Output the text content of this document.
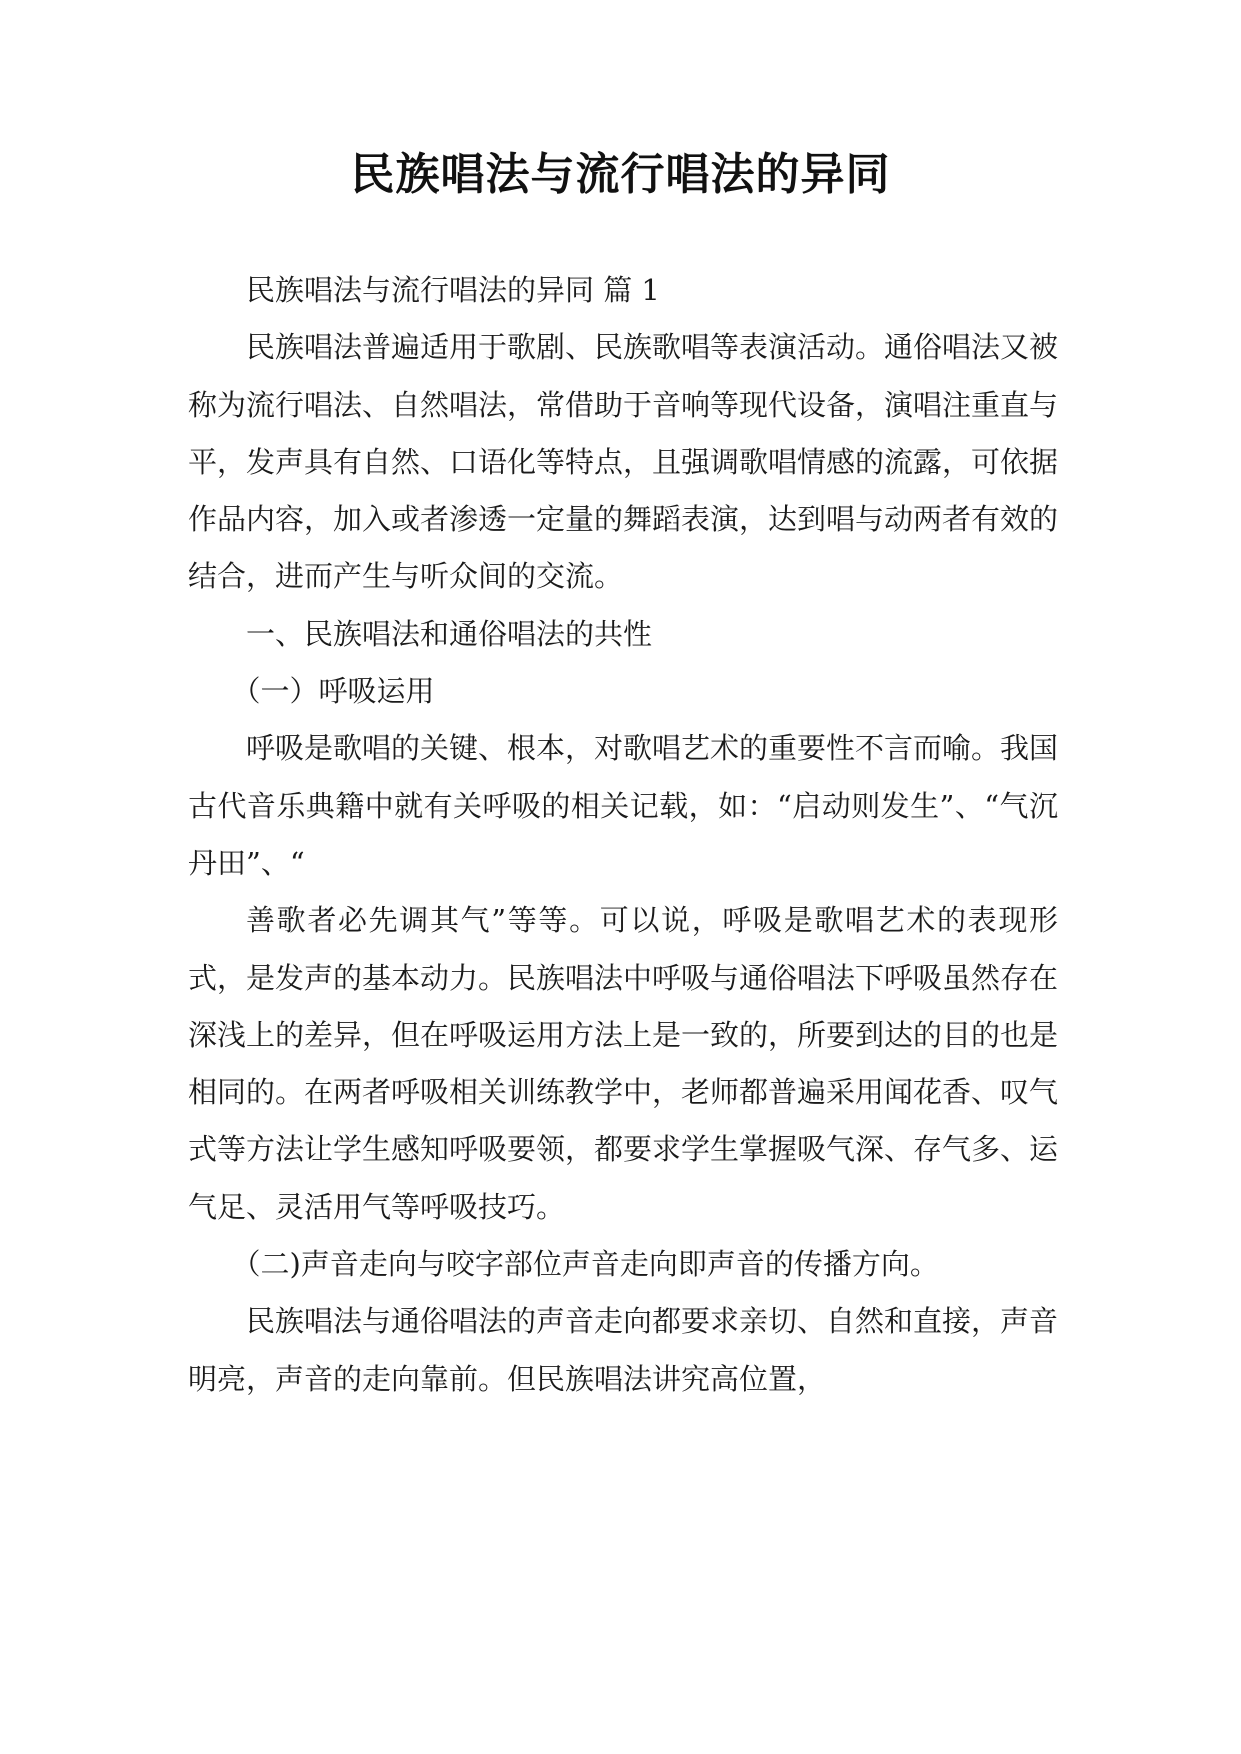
民族唱法与流行唱法的异同

民族唱法与流行唱法的异同 篇 1

民族唱法普遍适用于歌剧、民族歌唱等表演活动。通俗唱法又被称为流行唱法、自然唱法，常借助于音响等现代设备，演唱注重直与平，发声具有自然、口语化等特点，且强调歌唱情感的流露，可依据作品内容，加入或者渗透一定量的舞蹈表演，达到唱与动两者有效的结合，进而产生与听众间的交流。

一、民族唱法和通俗唱法的共性

（一）呼吸运用

呼吸是歌唱的关键、根本，对歌唱艺术的重要性不言而喻。我国古代音乐典籍中就有关呼吸的相关记载，如：“启动则发生”、“气沉丹田”、“

善歌者必先调其气”等等。可以说，呼吸是歌唱艺术的表现形式，是发声的基本动力。民族唱法中呼吸与通俗唱法下呼吸虽然存在深浅上的差异，但在呼吸运用方法上是一致的，所要到达的目的也是相同的。在两者呼吸相关训练教学中，老师都普遍采用闻花香、叹气式等方法让学生感知呼吸要领，都要求学生掌握吸气深、存气多、运气足、灵活用气等呼吸技巧。

（二)声音走向与咬字部位声音走向即声音的传播方向。

民族唱法与通俗唱法的声音走向都要求亲切、自然和直接，声音明亮，声音的走向靠前。但民族唱法讲究高位置，
